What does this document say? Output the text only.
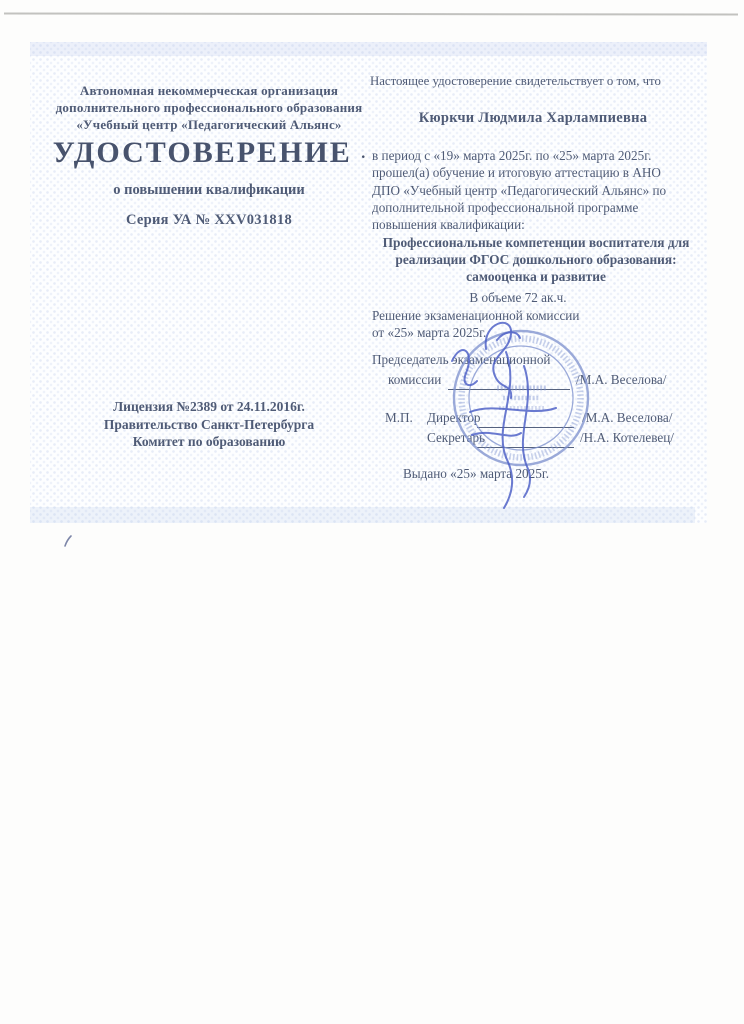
Автономная некоммерческая организация
дополнительного профессионального образования
«Учебный центр «Педагогический Альянс»
УДОСТОВЕРЕНИЕ .
о повышении квалификации
Серия УА № XXV031818
Лицензия №2389 от 24.11.2016г.
Правительство Санкт-Петербурга
Комитет по образованию
Настоящее удостоверение свидетельствует о том, что
Кюркчи Людмила Харлампиевна
в период с «19» марта 2025г. по «25» марта 2025г.
прошел(а) обучение и итоговую аттестацию в АНО
ДПО «Учебный центр «Педагогический Альянс» по
дополнительной профессиональной программе
повышения квалификации:
Профессиональные компетенции воспитателя для
реализации ФГОС дошкольного образования:
самооценка и развитие
В объеме 72 ак.ч.
Решение экзаменационной комиссии
от «25» марта 2025г.
Председатель экзаменационной
комиссии	/М.А. Веселова/
М.П. Директор	/М.А. Веселова/
Секретарь	/Н.А. Котелевец/
Выдано «25» марта 2025г.
